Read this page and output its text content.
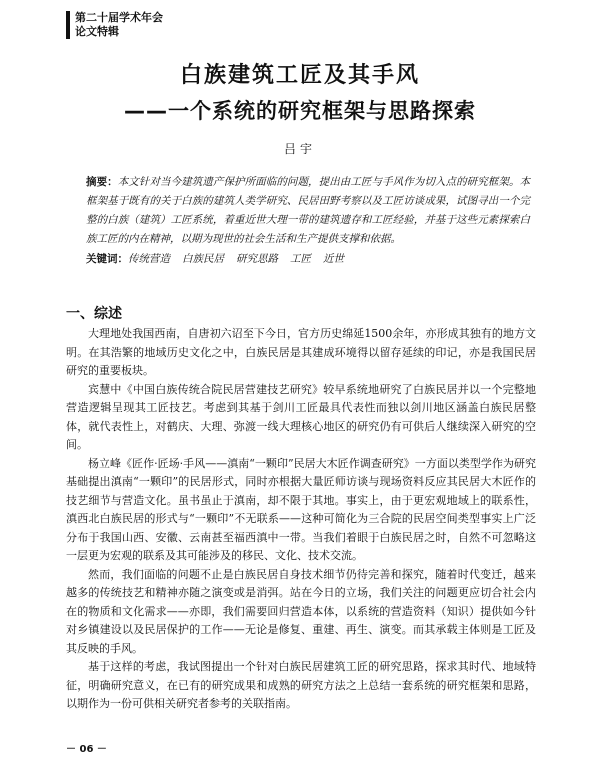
第二十届学术年会
论文特辑
白族建筑工匠及其手风
——一个系统的研究框架与思路探索
吕宇

摘要：本文针对当今建筑遗产保护所面临的问题，提出由工匠与手风作为切入点的研究框架。本框架基于既有的关于白族的建筑人类学研究、民居田野考察以及工匠访谈成果，试图寻出一个完整的白族（建筑）工匠系统，着重近世大理一带的建筑遗存和工匠经验，并基于这些元素探索白族工匠的内在精神，以期为现世的社会生活和生产提供支撑和依据。

关键词：传统营造 白族民居 研究思路 工匠 近世

一、综述

大理地处我国西南，自唐初六诏至下今日，官方历史绵延1500余年，亦形成其独有的地方文明。在其浩繁的地域历史文化之中，白族民居是其建成环境得以留存延续的印记，亦是我国民居研究的重要板块。

宾慧中《中国白族传统合院民居营建技艺研究》较早系统地研究了白族民居并以一个完整地营造逻辑呈现其工匠技艺。考虑到其基于剑川工匠最具代表性而独以剑川地区涵盖白族民居整体，就代表性上，对鹤庆、大理、弥渡一线大理核心地区的研究仍有可供后人继续深入研究的空间。

杨立峰《匠作·匠场·手风——滇南“一颗印”民居大木匠作调查研究》一方面以类型学作为研究基础提出滇南“一颗印”的民居形式，同时亦根据大量匠师访谈与现场资料反应其民居大木匠作的技艺细节与营造文化。虽书虽止于滇南，却不限于其地。事实上，由于更宏观地域上的联系性，滇西北白族民居的形式与“一颗印”不无联系——这种可简化为三合院的民居空间类型事实上广泛分布于我国山西、安徽、云南甚至福西滇中一带。当我们着眼于白族民居之时，自然不可忽略这一层更为宏观的联系及其可能涉及的移民、文化、技术交流。

然而，我们面临的问题不止是白族民居自身技术细节仍待完善和探究，随着时代变迁，越来越多的传统技艺和精神亦随之演变或是消弭。站在今日的立场，我们关注的问题更应切合社会内在的物质和文化需求——亦即，我们需要回归营造本体，以系统的营造资料（知识）提供如今针对乡镇建设以及民居保护的工作——无论是修复、重建、再生、演变。而其承载主体则是工匠及其反映的手风。

基于这样的考虑，我试图提出一个针对白族民居建筑工匠的研究思路，探求其时代、地域特征，明确研究意义，在已有的研究成果和成熟的研究方法之上总结一套系统的研究框架和思路，以期作为一份可供相关研究者参考的关联指南。

－ 06 －
